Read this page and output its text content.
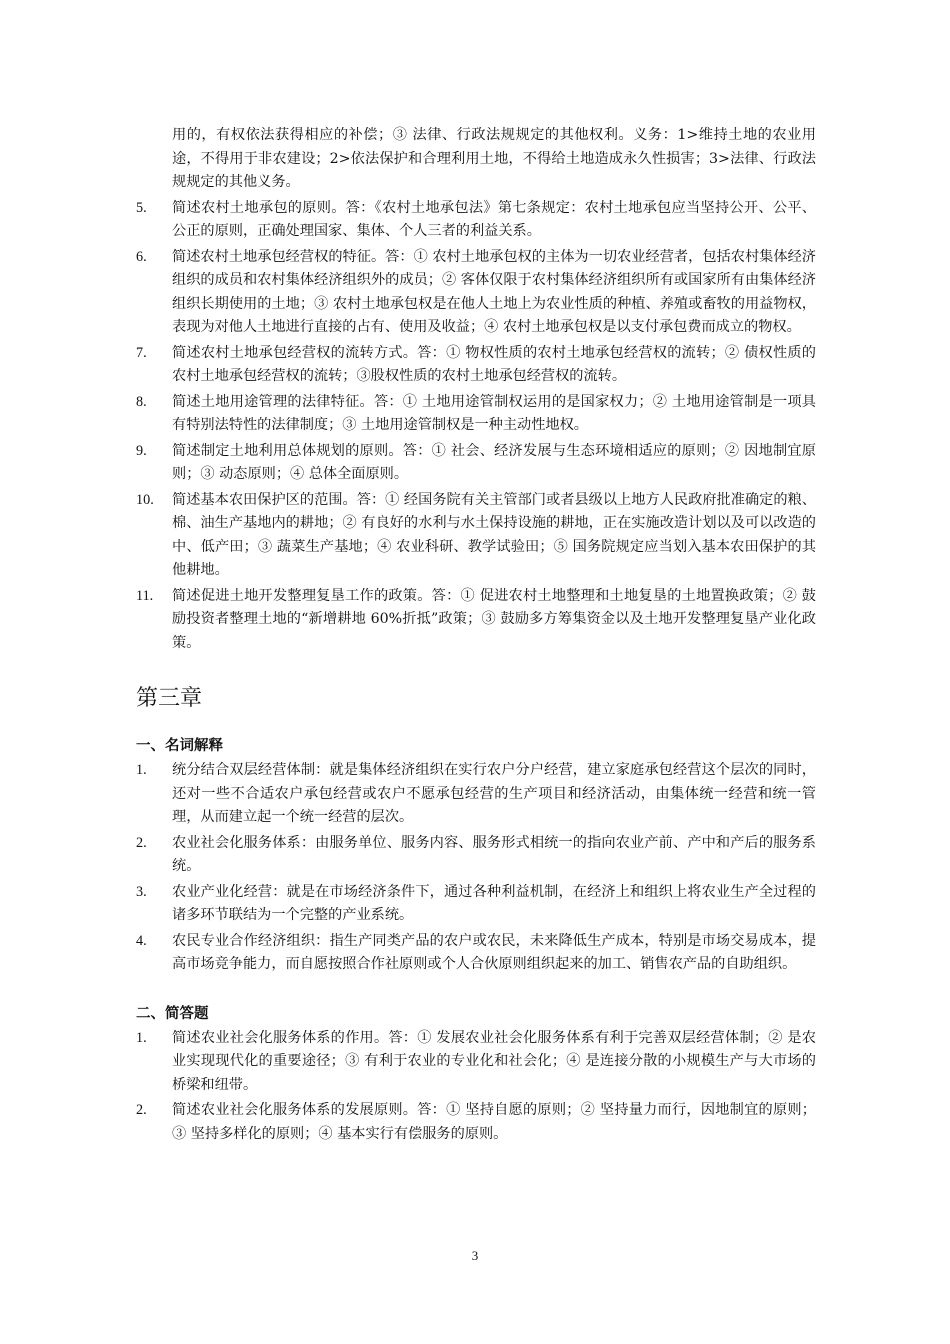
用的，有权依法获得相应的补偿；③ 法律、行政法规规定的其他权利。义务：1>维持土地的农业用途，不得用于非农建设；2>依法保护和合理利用土地，不得给土地造成永久性损害；3>法律、行政法规规定的其他义务。
5.	简述农村土地承包的原则。答：《农村土地承包法》第七条规定：农村土地承包应当坚持公开、公平、公正的原则，正确处理国家、集体、个人三者的利益关系。
6.	简述农村土地承包经营权的特征。答：① 农村土地承包权的主体为一切农业经营者，包括农村集体经济组织的成员和农村集体经济组织外的成员；② 客体仅限于农村集体经济组织所有或国家所有由集体经济组织长期使用的土地；③ 农村土地承包权是在他人土地上为农业性质的种植、养殖或畜牧的用益物权，表现为对他人土地进行直接的占有、使用及收益；④ 农村土地承包权是以支付承包费而成立的物权。
7.	简述农村土地承包经营权的流转方式。答：① 物权性质的农村土地承包经营权的流转；② 债权性质的农村土地承包经营权的流转；③股权性质的农村土地承包经营权的流转。
8.	简述土地用途管理的法律特征。答：① 土地用途管制权运用的是国家权力；② 土地用途管制是一项具有特别法特性的法律制度；③ 土地用途管制权是一种主动性地权。
9.	简述制定土地利用总体规划的原则。答：① 社会、经济发展与生态环境相适应的原则；② 因地制宜原则；③ 动态原则；④ 总体全面原则。
10.	简述基本农田保护区的范围。答：① 经国务院有关主管部门或者县级以上地方人民政府批准确定的粮、棉、油生产基地内的耕地；② 有良好的水利与水土保持设施的耕地，正在实施改造计划以及可以改造的中、低产田；③ 蔬菜生产基地；④ 农业科研、教学试验田；⑤ 国务院规定应当划入基本农田保护的其他耕地。
11.	简述促进土地开发整理复垦工作的政策。答：① 促进农村土地整理和土地复垦的土地置换政策；② 鼓励投资者整理土地的“新增耕地 60%折抵”政策；③ 鼓励多方筹集资金以及土地开发整理复垦产业化政策。
第三章
一、名词解释
1.	统分结合双层经营体制：就是集体经济组织在实行农户分户经营，建立家庭承包经营这个层次的同时，还对一些不合适农户承包经营或农户不愿承包经营的生产项目和经济活动，由集体统一经营和统一管理，从而建立起一个统一经营的层次。
2.	农业社会化服务体系：由服务单位、服务内容、服务形式相统一的指向农业产前、产中和产后的服务系统。
3.	农业产业化经营：就是在市场经济条件下，通过各种利益机制，在经济上和组织上将农业生产全过程的诸多环节联结为一个完整的产业系统。
4.	农民专业合作经济组织：指生产同类产品的农户或农民，未来降低生产成本，特别是市场交易成本，提高市场竞争能力，而自愿按照合作社原则或个人合伙原则组织起来的加工、销售农产品的自助组织。
二、简答题
1.	简述农业社会化服务体系的作用。答：① 发展农业社会化服务体系有利于完善双层经营体制；② 是农业实现现代化的重要途径；③ 有利于农业的专业化和社会化；④ 是连接分散的小规模生产与大市场的桥梁和纽带。
2.	简述农业社会化服务体系的发展原则。答：① 坚持自愿的原则；② 坚持量力而行，因地制宜的原则；③ 坚持多样化的原则；④ 基本实行有偿服务的原则。
3
